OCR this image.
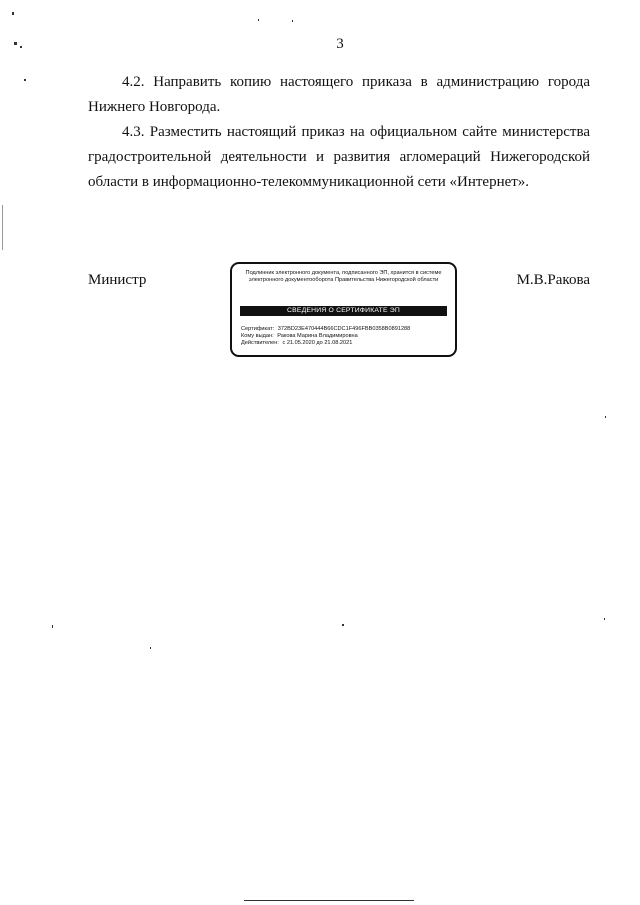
3
4.2. Направить копию настоящего приказа в администрацию города Нижнего Новгорода.
4.3. Разместить настоящий приказ на официальном сайте министерства градостроительной деятельности и развития агломераций Нижегородской области в информационно-телекоммуникационной сети «Интернет».
Министр	Подлинник электронного документа, подписанного ЭП, хранится в системе электронного документооборота Правительства Нижегородской области
СВЕДЕНИЯ О СЕРТИФИКАТЕ ЭП
Сертификат: 372BD23E470444B66CDC1F496FBB0358B0891288
Кому выдан: Ракова Марина Владимировна
Действителен: с 21.05.2020 до 21.08.2021
М.В.Ракова
